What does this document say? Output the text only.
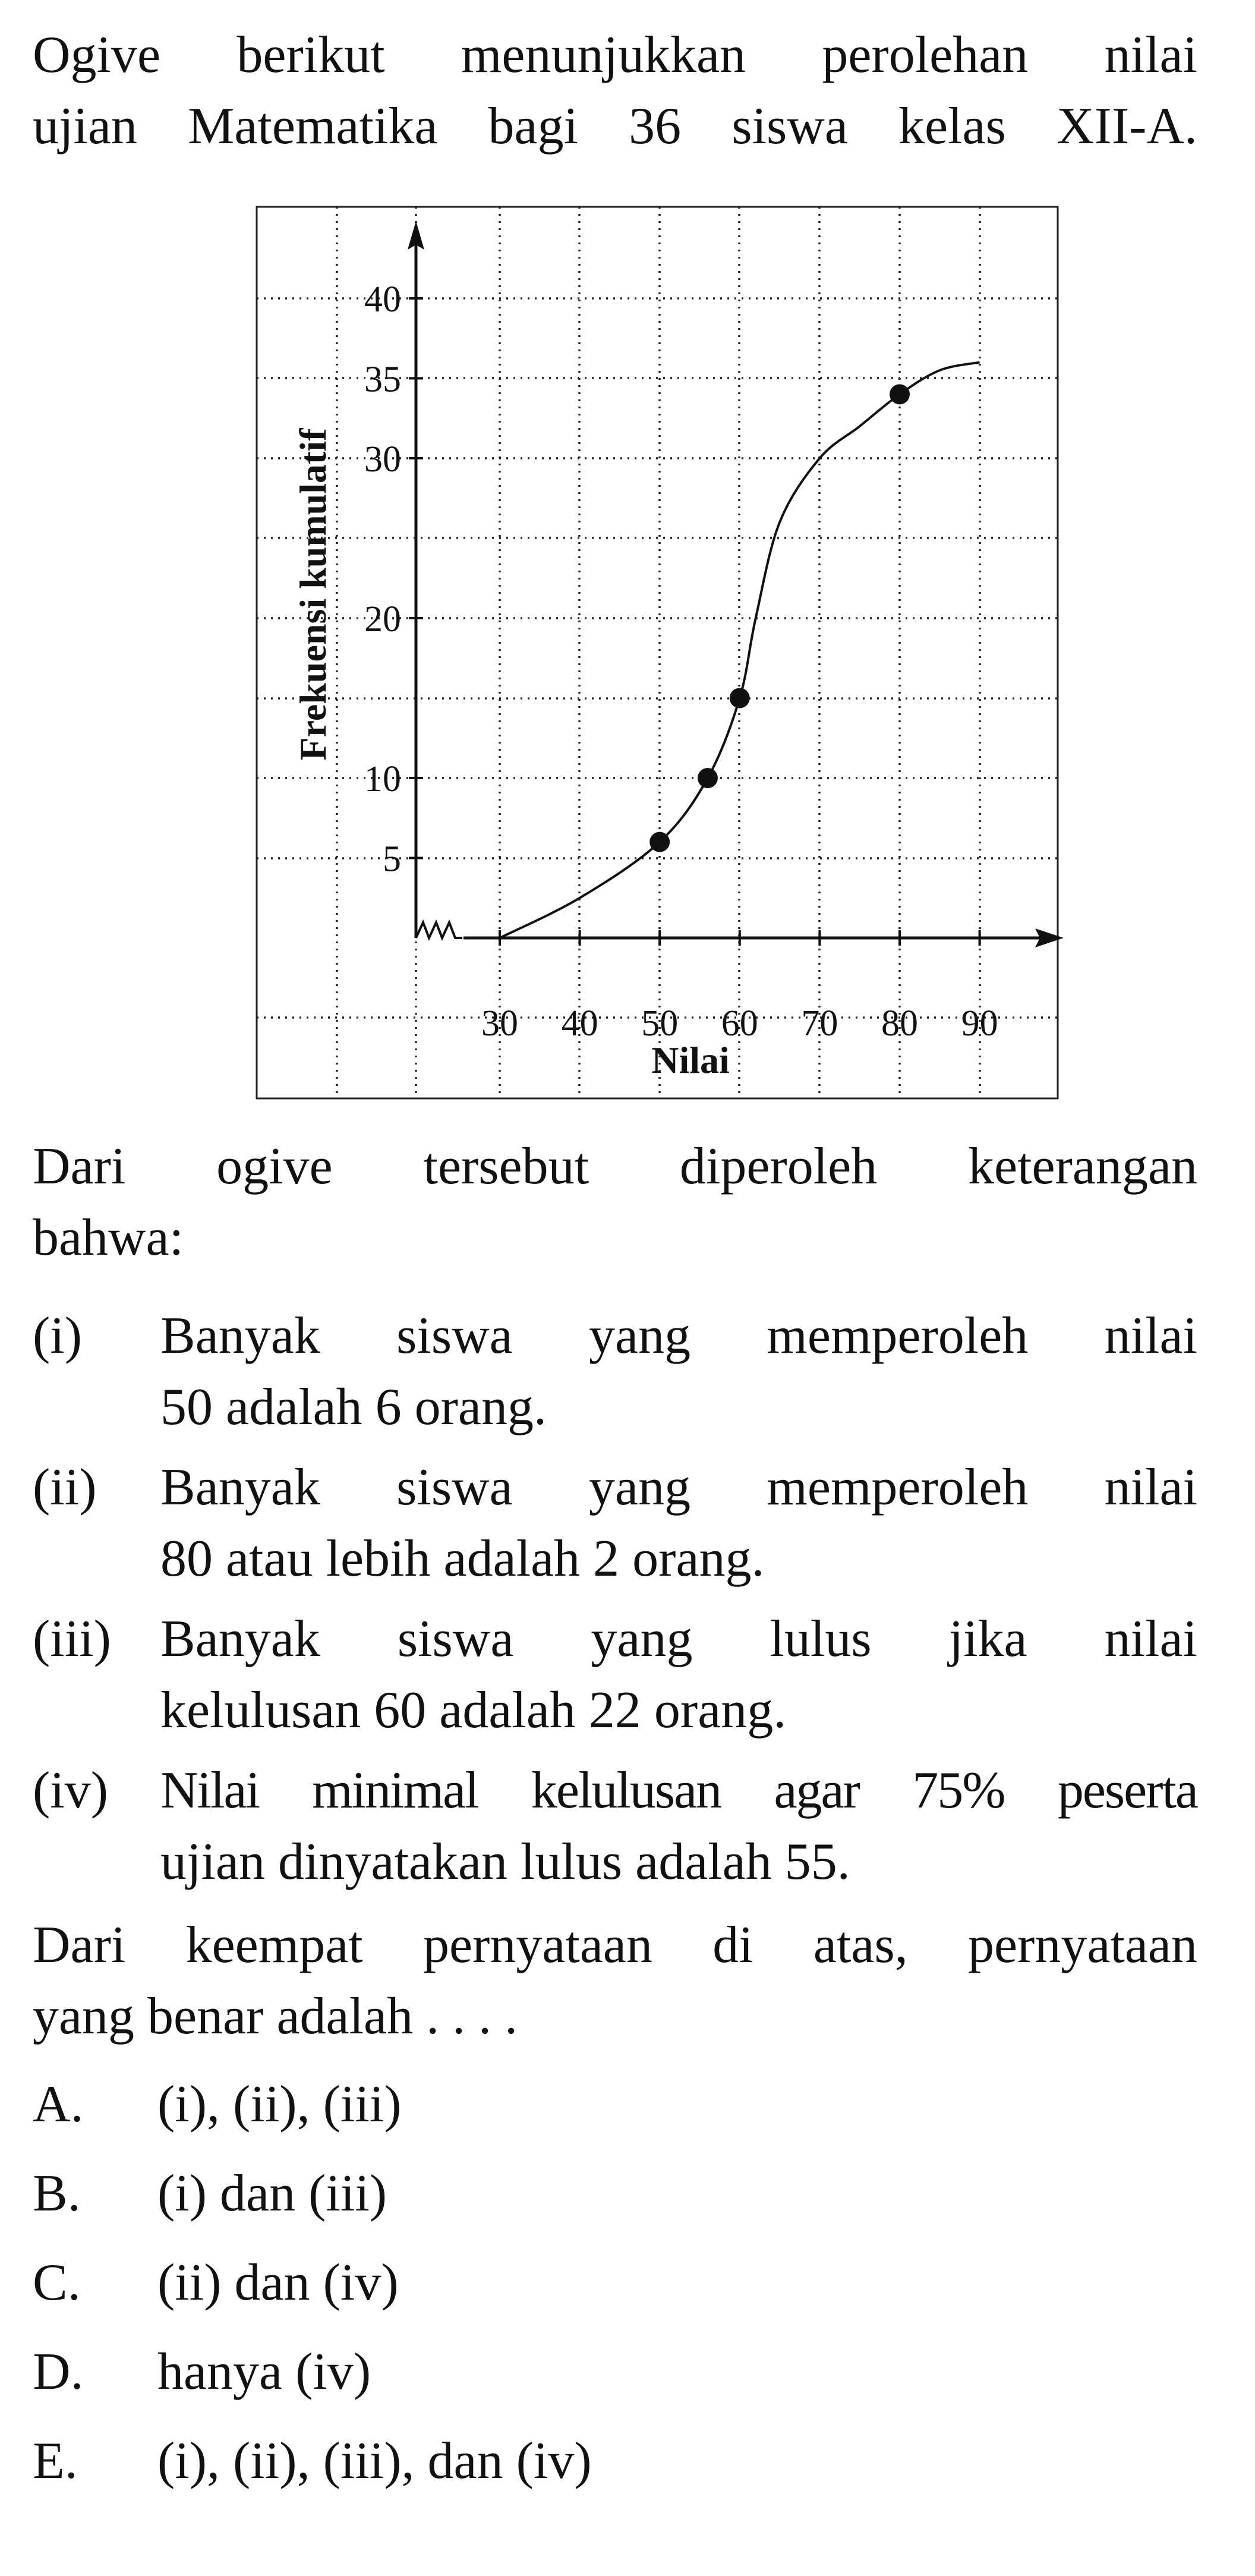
Ogive berikut menunjukkan perolehan nilai
ujian Matematika bagi 36 siswa kelas XII-A.
30 40 50 60 70 80 90
5
10
20
30
35
40
Nilai
Frekuensi kumulatif
Dari ogive tersebut diperoleh keterangan
bahwa:
(i) Banyak siswa yang memperoleh nilai
50 adalah 6 orang.
(ii) Banyak siswa yang memperoleh nilai
80 atau lebih adalah 2 orang.
(iii) Banyak siswa yang lulus jika nilai
kelulusan 60 adalah 22 orang.
(iv) Nilai minimal kelulusan agar 75% peserta
ujian dinyatakan lulus adalah 55.
Dari keempat pernyataan di atas, pernyataan
yang benar adalah . . . .
A. (i), (ii), (iii)
B. (i) dan (iii)
C. (ii) dan (iv)
D. hanya (iv)
E. (i), (ii), (iii), dan (iv)
